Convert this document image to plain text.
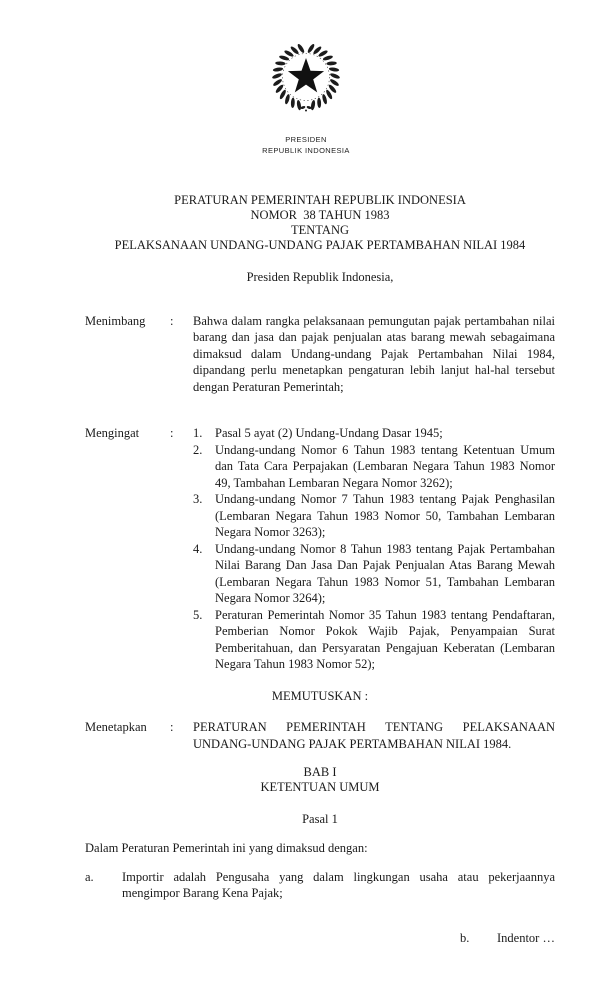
PRESIDEN
REPUBLIK INDONESIA
PERATURAN PEMERINTAH REPUBLIK INDONESIA
NOMOR  38 TAHUN 1983
TENTANG
PELAKSANAAN UNDANG-UNDANG PAJAK PERTAMBAHAN NILAI 1984
Presiden Republik Indonesia,
Menimbang	:	Bahwa dalam rangka pelaksanaan pemungutan pajak pertambahan nilai barang dan jasa dan pajak penjualan atas barang mewah sebagaimana dimaksud dalam Undang-undang Pajak Pertambahan Nilai 1984, dipandang perlu menetapkan pengaturan lebih lanjut hal-hal tersebut dengan Peraturan Pemerintah;
Mengingat	:	1.	Pasal 5 ayat (2) Undang-Undang Dasar 1945;
2.	Undang-undang Nomor 6 Tahun 1983 tentang Ketentuan Umum dan Tata Cara Perpajakan (Lembaran Negara Tahun 1983 Nomor 49, Tambahan Lembaran Negara Nomor 3262);
3.	Undang-undang Nomor 7 Tahun 1983 tentang Pajak Penghasilan (Lembaran Negara Tahun 1983 Nomor 50, Tambahan Lembaran Negara Nomor 3263);
4.	Undang-undang Nomor 8 Tahun 1983 tentang Pajak Pertambahan Nilai Barang Dan Jasa Dan Pajak Penjualan Atas Barang Mewah (Lembaran Negara Tahun 1983 Nomor 51, Tambahan Lembaran Negara Nomor 3264);
5.	Peraturan Pemerintah Nomor 35 Tahun 1983 tentang Pendaftaran, Pemberian Nomor Pokok Wajib Pajak, Penyampaian Surat Pemberitahuan, dan Persyaratan Pengajuan Keberatan (Lembaran Negara Tahun 1983 Nomor 52);
MEMUTUSKAN :
Menetapkan	:	PERATURAN PEMERINTAH TENTANG PELAKSANAAN UNDANG-UNDANG PAJAK PERTAMBAHAN NILAI 1984.
BAB I
KETENTUAN UMUM
Pasal 1
Dalam Peraturan Pemerintah ini yang dimaksud dengan:
a.	Importir adalah Pengusaha yang dalam lingkungan usaha atau pekerjaannya mengimpor Barang Kena Pajak;
b. Indentor …
